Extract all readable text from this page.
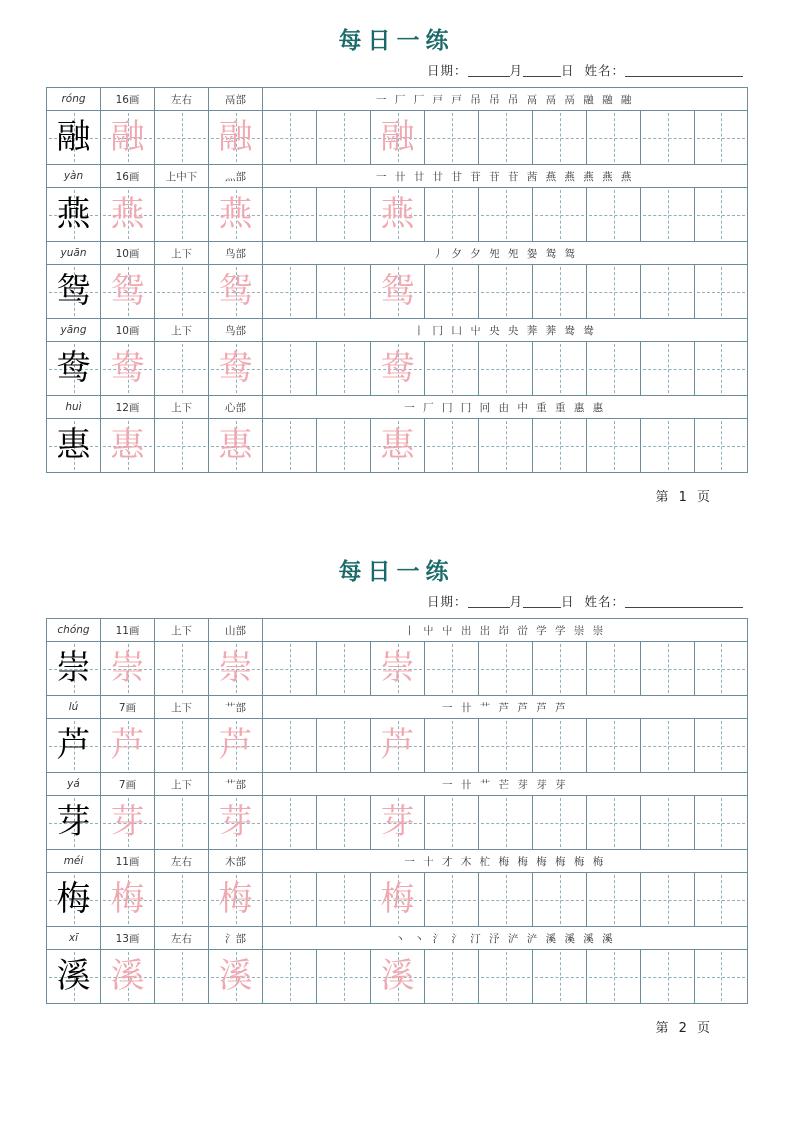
每日一练
日期：	月	日 姓名：
róng	16画	左右	鬲部	一 厂 厂 戸 戸 吊 吊 吊 鬲 鬲 鬲 融 融 融								

融	融		融			融						

yàn	16画	上中下	灬部	一 卄 廿 廿 甘 苷 苷 苷 茜 燕 燕 燕 燕 燕								

燕	燕		燕			燕						

yuān	10画	上下	鸟部	丿 夕 夕 夗 夗 妴 鸳 鸳								

鸳	鸳		鸳			鸳						

yāng	10画	上下	鸟部	丨 冂 凵 屮 央 央 莾 莾 鸯 鸯								

鸯	鸯		鸯			鸯						

huì	12画	上下	心部	一 厂 冂 冂 冋 由 中 重 重 惠 惠								

惠	惠		惠			惠						

第 1 页
每日一练
日期：	月	日 姓名：
chóng	11画	上下	山部	丨 屮 屮 出 岀 岇 峃 学 学 崇 崇								

崇	崇		崇			崇						

lú	7画	上下	艹部	一 卄 艹 芦 芦 芦 芦								

芦	芦		芦			芦						

yá	7画	上下	艹部	一 卄 艹 芒 芽 芽 芽								

芽	芽		芽			芽						

méi	11画	左右	木部	一 十 才 木 杧 梅 梅 梅 梅 梅 梅								

梅	梅		梅			梅						

xī	13画	左右	氵部	丶 丶 氵 氵 汀 汿 浐 浐 溪 溪 溪 溪								

溪	溪		溪			溪						

第 2 页
